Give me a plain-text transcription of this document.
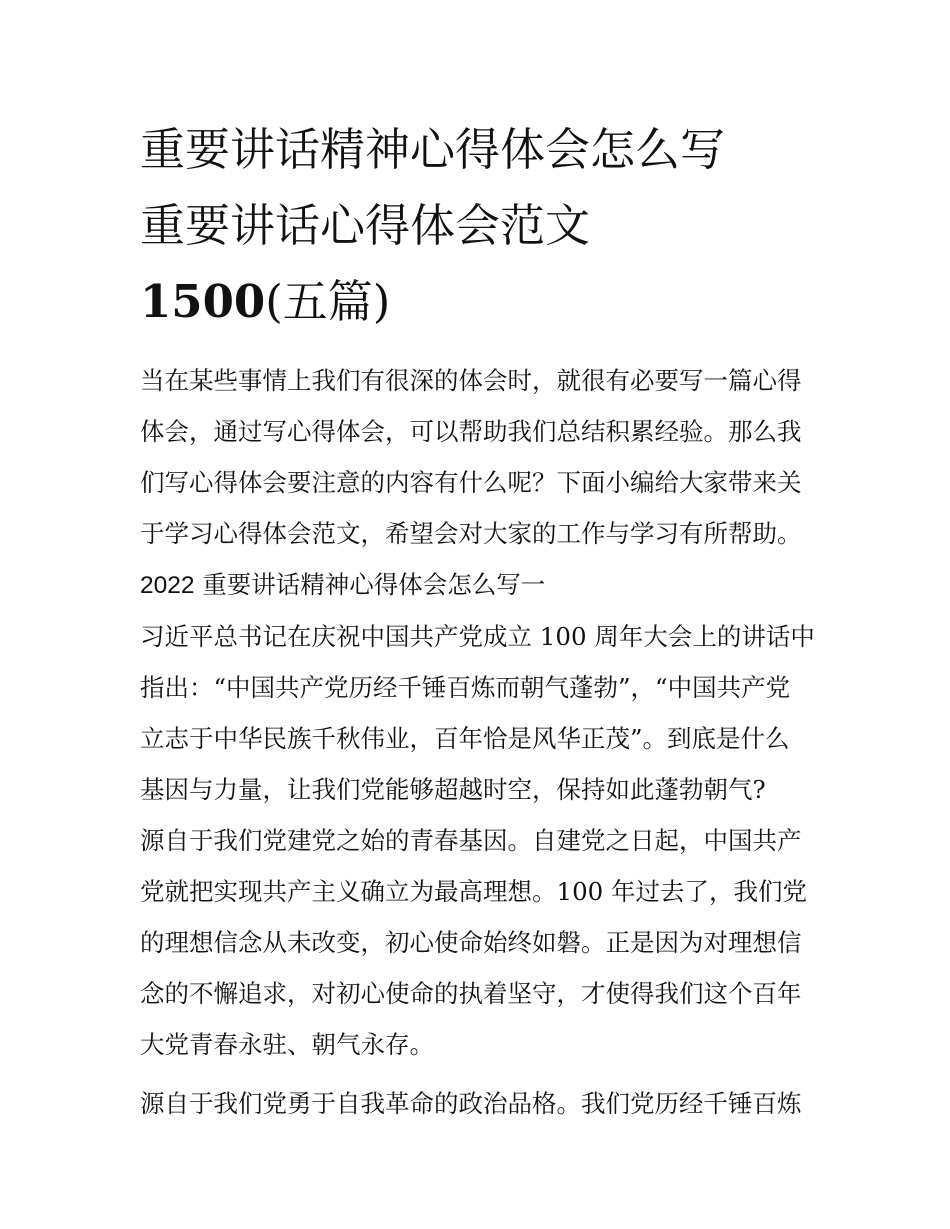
重要讲话精神心得体会怎么写
重要讲话心得体会范文
1500(五篇)

当在某些事情上我们有很深的体会时，就很有必要写一篇心得
体会，通过写心得体会，可以帮助我们总结积累经验。那么我
们写心得体会要注意的内容有什么呢？下面小编给大家带来关
于学习心得体会范文，希望会对大家的工作与学习有所帮助。

2022 重要讲话精神心得体会怎么写一

习近平总书记在庆祝中国共产党成立 100 周年大会上的讲话中
指出：“中国共产党历经千锤百炼而朝气蓬勃”，“中国共产党
立志于中华民族千秋伟业，百年恰是风华正茂”。到底是什么
基因与力量，让我们党能够超越时空，保持如此蓬勃朝气?

源自于我们党建党之始的青春基因。自建党之日起，中国共产
党就把实现共产主义确立为最高理想。100 年过去了，我们党
的理想信念从未改变，初心使命始终如磐。正是因为对理想信
念的不懈追求，对初心使命的执着坚守，才使得我们这个百年
大党青春永驻、朝气永存。

源自于我们党勇于自我革命的政治品格。我们党历经千锤百炼
